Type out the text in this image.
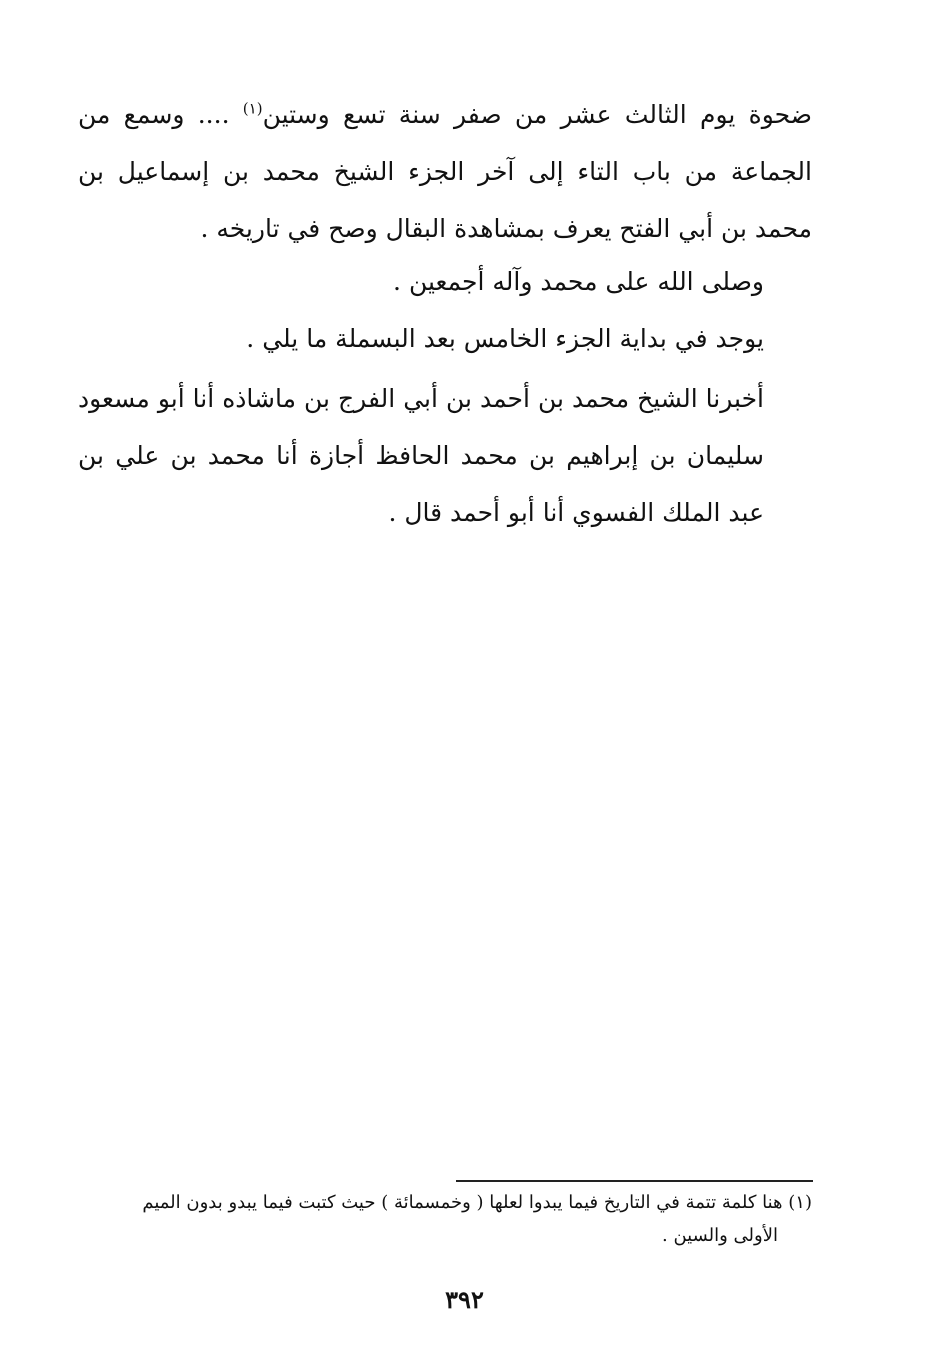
ضحوة يوم الثالث عشر من صفر سنة تسع وستين$^{(١)}$ .... وسمع من الجماعة من باب التاء إلى آخر الجزء الشيخ محمد بن إسماعيل بن محمد بن أبي الفتح يعرف بمشاهدة البقال وصح في تاريخه .

وصلى الله على محمد وآله أجمعين .

يوجد في بداية الجزء الخامس بعد البسملة ما يلي .

أخبرنا الشيخ محمد بن أحمد بن أبي الفرج بن ماشاذه أنا أبو مسعود سليمان بن إبراهيم بن محمد الحافظ أجازة أنا محمد بن علي بن عبد الملك الفسوي أنا أبو أحمد قال .

(١) هنا كلمة تتمة في التاريخ فيما يبدوا لعلها ( وخمسمائة ) حيث كتبت فيما يبدو بدون الميم

الأولى والسين .

٣٩٢
